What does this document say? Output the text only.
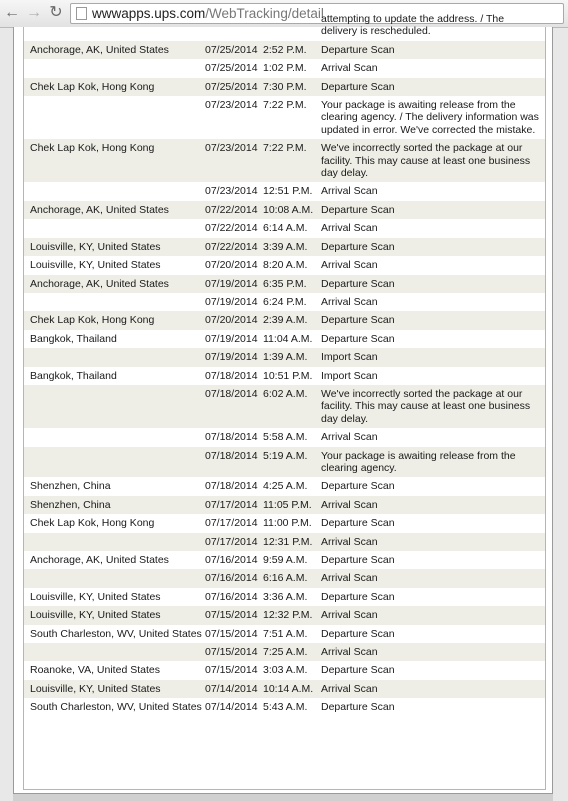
← → ↻	wwwapps.ups.com/WebTracking/detail
			attempting to update the address. / The delivery is rescheduled.
Anchorage, AK, United States	07/25/2014	2:52 P.M.	Departure Scan
	07/25/2014	1:02 P.M.	Arrival Scan
Chek Lap Kok, Hong Kong	07/25/2014	7:30 P.M.	Departure Scan
	07/23/2014	7:22 P.M.	Your package is awaiting release from the clearing agency. / The delivery information was updated in error. We've corrected the mistake.
Chek Lap Kok, Hong Kong	07/23/2014	7:22 P.M.	We've incorrectly sorted the package at our facility. This may cause at least one business day delay.
	07/23/2014	12:51 P.M.	Arrival Scan
Anchorage, AK, United States	07/22/2014	10:08 A.M.	Departure Scan
	07/22/2014	6:14 A.M.	Arrival Scan
Louisville, KY, United States	07/22/2014	3:39 A.M.	Departure Scan
Louisville, KY, United States	07/20/2014	8:20 A.M.	Arrival Scan
Anchorage, AK, United States	07/19/2014	6:35 P.M.	Departure Scan
	07/19/2014	6:24 P.M.	Arrival Scan
Chek Lap Kok, Hong Kong	07/20/2014	2:39 A.M.	Departure Scan
Bangkok, Thailand	07/19/2014	11:04 A.M.	Departure Scan
	07/19/2014	1:39 A.M.	Import Scan
Bangkok, Thailand	07/18/2014	10:51 P.M.	Import Scan
	07/18/2014	6:02 A.M.	We've incorrectly sorted the package at our facility. This may cause at least one business day delay.
	07/18/2014	5:58 A.M.	Arrival Scan
	07/18/2014	5:19 A.M.	Your package is awaiting release from the clearing agency.
Shenzhen, China	07/18/2014	4:25 A.M.	Departure Scan
Shenzhen, China	07/17/2014	11:05 P.M.	Arrival Scan
Chek Lap Kok, Hong Kong	07/17/2014	11:00 P.M.	Departure Scan
	07/17/2014	12:31 P.M.	Arrival Scan
Anchorage, AK, United States	07/16/2014	9:59 A.M.	Departure Scan
	07/16/2014	6:16 A.M.	Arrival Scan
Louisville, KY, United States	07/16/2014	3:36 A.M.	Departure Scan
Louisville, KY, United States	07/15/2014	12:32 P.M.	Arrival Scan
South Charleston, WV, United States	07/15/2014	7:51 A.M.	Departure Scan
	07/15/2014	7:25 A.M.	Arrival Scan
Roanoke, VA, United States	07/15/2014	3:03 A.M.	Departure Scan
Louisville, KY, United States	07/14/2014	10:14 A.M.	Arrival Scan
South Charleston, WV, United States	07/14/2014	5:43 A.M.	Departure Scan
